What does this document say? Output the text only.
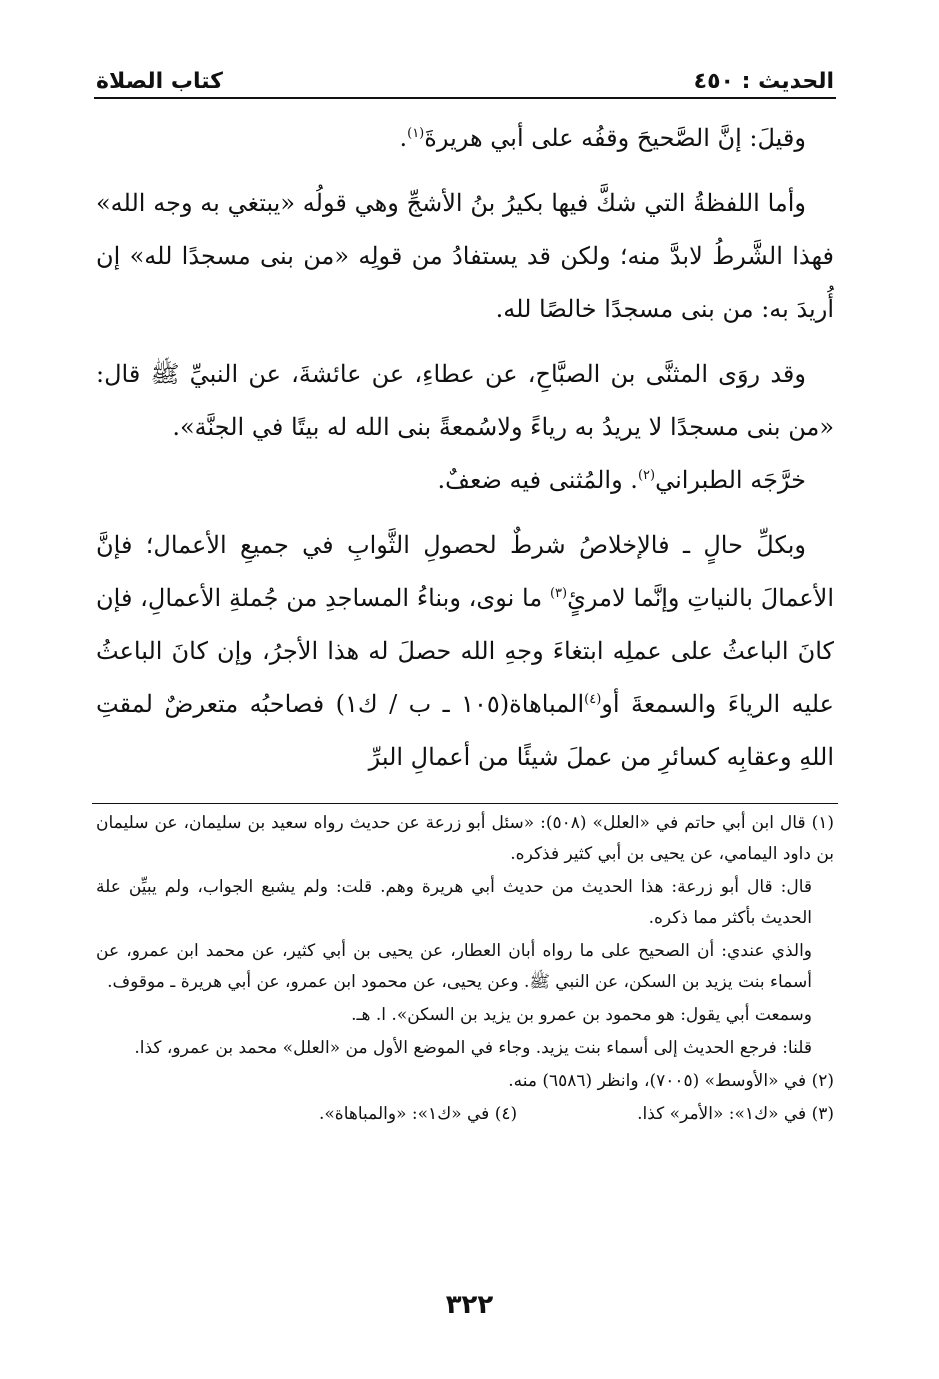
الحديث : ٤٥٠
كتاب الصلاة

وقيلَ: إنَّ الصَّحيحَ وقفُه على أبي هريرةَ$^{(١)}$.

وأما اللفظةُ التي شكَّ فيها بكيرُ بنُ الأشجِّ وهي قولُه «يبتغي به وجه الله» فهذا الشَّرطُ لابدَّ منه؛ ولكن قد يستفادُ من قولِه «من بنى مسجدًا لله» إن أُريدَ به: من بنى مسجدًا خالصًا لله.

وقد روَى المثنَّى بن الصبَّاحِ، عن عطاءِ، عن عائشةَ، عن النبيِّ ﷺ قال: «من بنى مسجدًا لا يريدُ به رياءً ولاسُمعةً بنى الله له بيتًا في الجنَّة».

خرَّجَه الطبراني$^{(٢)}$. والمُثنى فيه ضعفٌ.

وبكلِّ حالٍ ـ فالإخلاصُ شرطٌ لحصولِ الثَّوابِ في جميعِ الأعمال؛ فإنَّ الأعمالَ بالنياتِ وإنَّما لامرئٍ$^{(٣)}$ ما نوى، وبناءُ المساجدِ من جُملةِ الأعمالِ، فإن كانَ الباعثُ على عملِه ابتغاءَ وجهِ الله حصلَ له هذا الأجرُ، وإن كانَ الباعثُ عليه الرياءَ والسمعةَ أو$^{(٤)}$المباهاة(١٠٥ ـ ب / ك١) فصاحبُه متعرضٌ لمقتِ اللهِ وعقابِه كسائرِ من عملَ شيئًا من أعمالِ البرِّ

(١) قال ابن أبي حاتم في «العلل» (٥٠٨): «سئل أبو زرعة عن حديث رواه سعيد بن سليمان، عن سليمان بن داود اليمامي، عن يحيى بن أبي كثير فذكره.

قال: قال أبو زرعة: هذا الحديث من حديث أبي هريرة وهم. قلت: ولم يشبع الجواب، ولم يبيِّن علة الحديث بأكثر مما ذكره.

والذي عندي: أن الصحيح على ما رواه أبان العطار، عن يحيى بن أبي كثير، عن محمد ابن عمرو، عن أسماء بنت يزيد بن السكن، عن النبي ﷺ. وعن يحيى، عن محمود ابن عمرو، عن أبي هريرة ـ موقوف.

وسمعت أبي يقول: هو محمود بن عمرو بن يزيد بن السكن». ا. هـ.

قلنا: فرجع الحديث إلى أسماء بنت يزيد. وجاء في الموضع الأول من «العلل» محمد بن عمرو، كذا.

(٢) في «الأوسط» (٧٠٠٥)، وانظر (٦٥٨٦) منه.

(٣) في «ك١»: «الأمر» كذا.
(٤) في «ك١»: «والمباهاة».
٣٢٢
